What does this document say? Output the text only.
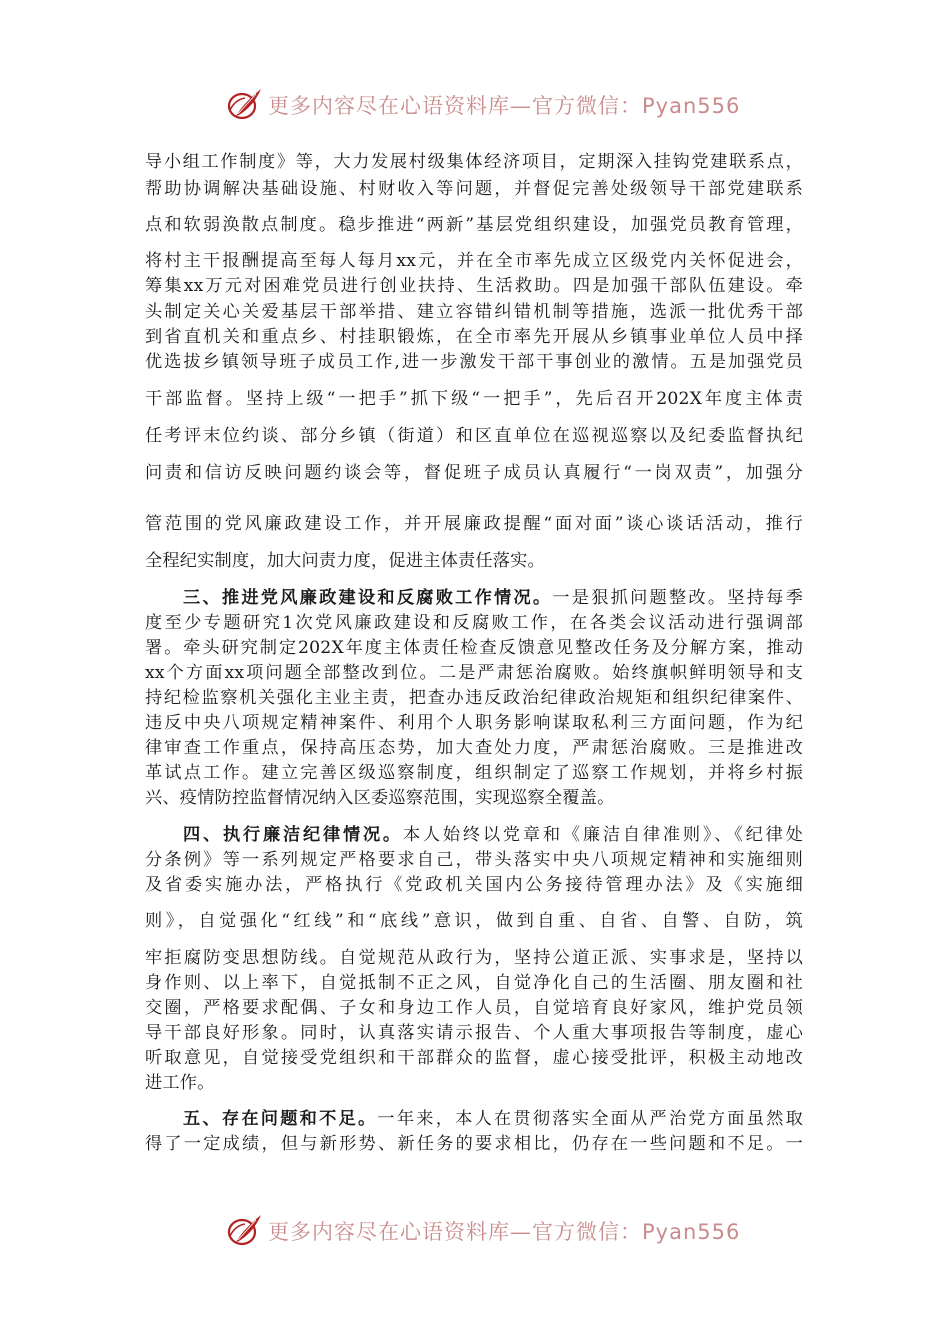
更多内容尽在心语资料库—官方微信：Pyan556
导小组工作制度》等，大力发展村级集体经济项目，定期深入挂钩党建联系点，
帮助协调解决基础设施、村财收入等问题，并督促完善处级领导干部党建联系
点和软弱涣散点制度。稳步推进“两新”基层党组织建设，加强党员教育管理，
将村主干报酬提高至每人每月xx元，并在全市率先成立区级党内关怀促进会，
筹集xx万元对困难党员进行创业扶持、生活救助。四是加强干部队伍建设。牵
头制定关心关爱基层干部举措、建立容错纠错机制等措施，选派一批优秀干部
到省直机关和重点乡、村挂职锻炼，在全市率先开展从乡镇事业单位人员中择
优选拔乡镇领导班子成员工作,进一步激发干部干事创业的激情。五是加强党员
干部监督。坚持上级“一把手”抓下级“一把手”，先后召开202X年度主体责
任考评末位约谈、部分乡镇（街道）和区直单位在巡视巡察以及纪委监督执纪
问责和信访反映问题约谈会等，督促班子成员认真履行“一岗双责”，加强分
管范围的党风廉政建设工作，并开展廉政提醒“面对面”谈心谈话活动，推行
全程纪实制度，加大问责力度，促进主体责任落实。
三、推进党风廉政建设和反腐败工作情况。一是狠抓问题整改。坚持每季
度至少专题研究1次党风廉政建设和反腐败工作，在各类会议活动进行强调部
署。牵头研究制定202X年度主体责任检查反馈意见整改任务及分解方案，推动
xx个方面xx项问题全部整改到位。二是严肃惩治腐败。始终旗帜鲜明领导和支
持纪检监察机关强化主业主责，把查办违反政治纪律政治规矩和组织纪律案件、
违反中央八项规定精神案件、利用个人职务影响谋取私利三方面问题，作为纪
律审查工作重点，保持高压态势，加大查处力度，严肃惩治腐败。三是推进改
革试点工作。建立完善区级巡察制度，组织制定了巡察工作规划，并将乡村振
兴、疫情防控监督情况纳入区委巡察范围，实现巡察全覆盖。
四、执行廉洁纪律情况。本人始终以党章和《廉洁自律准则》、《纪律处
分条例》等一系列规定严格要求自己，带头落实中央八项规定精神和实施细则
及省委实施办法，严格执行《党政机关国内公务接待管理办法》及《实施细
则》，自觉强化“红线”和“底线”意识，做到自重、自省、自警、自防，筑
牢拒腐防变思想防线。自觉规范从政行为，坚持公道正派、实事求是，坚持以
身作则、以上率下，自觉抵制不正之风，自觉净化自己的生活圈、朋友圈和社
交圈，严格要求配偶、子女和身边工作人员，自觉培育良好家风，维护党员领
导干部良好形象。同时，认真落实请示报告、个人重大事项报告等制度，虚心
听取意见，自觉接受党组织和干部群众的监督，虚心接受批评，积极主动地改
进工作。
五、存在问题和不足。一年来，本人在贯彻落实全面从严治党方面虽然取
得了一定成绩，但与新形势、新任务的要求相比，仍存在一些问题和不足。一
更多内容尽在心语资料库—官方微信：Pyan556
